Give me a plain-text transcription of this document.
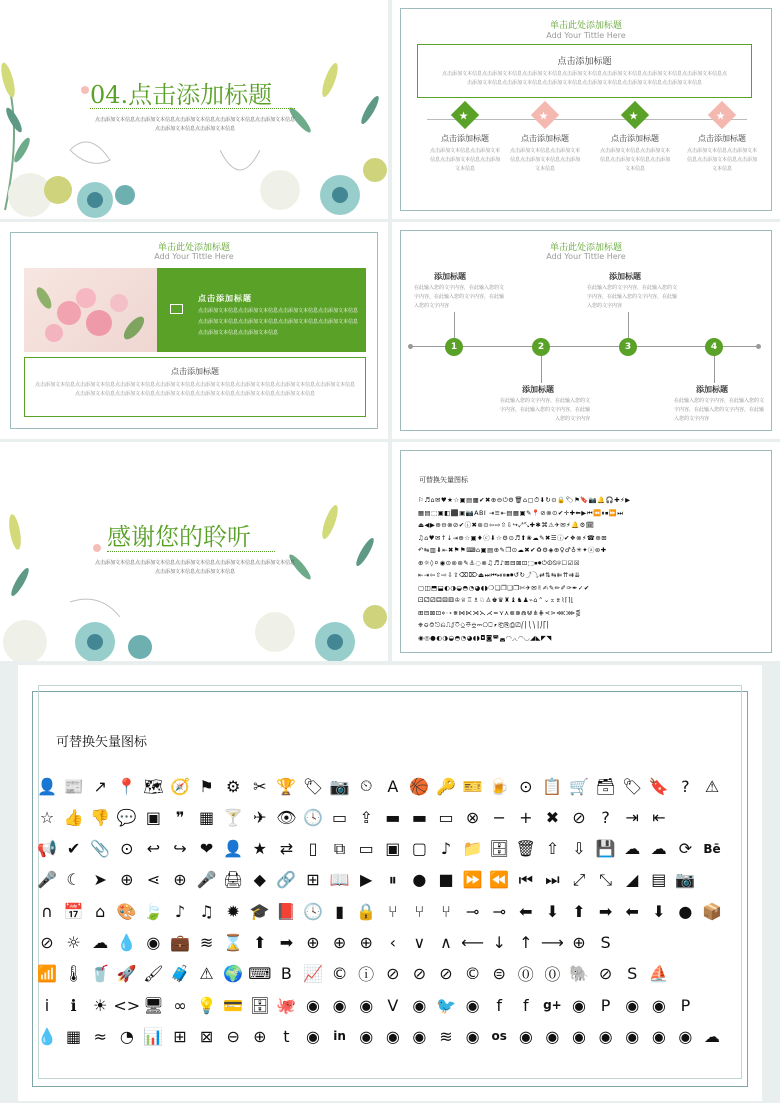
04.点击添加标题
点击添加文本信息点击添加文本信息点击添加文本信息点击添加文本信息点击添加文本信息点击添加文本信息点击添加文本信息
单击此处添加标题
Add Your Tittle Here
点击添加标题
点击添加文本信息点击添加文本信息点击添加文本信息点击添加文本信息点击添加文本信息点击添加文本信息点击添加文本信息点击添加文本信息点击添加文本信息点击添加文本信息点击添加文本信息点击添加文本信息点击添加文本信息
★
点击添加标题
点击添加文本信息点击添加文本信息点击添加文本信息点击添加文本信息
★
点击添加标题
点击添加文本信息点击添加文本信息点击添加文本信息点击添加文本信息
★
点击添加标题
点击添加文本信息点击添加文本信息点击添加文本信息点击添加文本信息
★
点击添加标题
点击添加文本信息点击添加文本信息点击添加文本信息点击添加文本信息
单击此处添加标题
Add Your Tittle Here
点击添加标题
点击添加文本信息点击添加文本信息点击添加文本信息点击添加文本信息点击添加文本信息点击添加文本信息点击添加文本信息点击添加文本信息点击添加文本信息点击添加文本信息
点击添加标题
点击添加文本信息点击添加文本信息点击添加文本信息点击添加文本信息点击添加文本信息点击添加文本信息点击添加文本信息点击添加文本信息点击添加文本信息点击添加文本信息点击添加文本信息点击添加文本信息点击添加文本信息点击添加文本信息
单击此处添加标题
Add Your Tittle Here
1	2	3	4
添加标题
在此输入您的文字内容，在此输入您的文字内容，在此输入您的文字内容，在此输入您的文字内容
添加标题
在此输入您的文字内容，在此输入您的文字内容，在此输入您的文字内容，在此输入您的文字内容
添加标题
在此输入您的文字内容，在此输入您的文字内容，在此输入您的文字内容，在此输入您的文字内容
添加标题
在此输入您的文字内容，在此输入您的文字内容，在此输入您的文字内容，在此输入您的文字内容
感谢您的聆听
点击添加文本信息点击添加文本信息点击添加文本信息点击添加文本信息点击添加文本信息点击添加文本信息点击添加文本信息
可替换矢量图标
⚐♬⌂✉♥★☆▣▤▦✔✖⊕⊖⏻⚙🗑⌂▢⏱⬇↻⊙🔒🏷⚑🔖📷🔔🎧✚⚡▶
▦▤⬚▣◧⬛▣📷ABI ⇥≡⇤▤▦▣✎📍⊘⊗⊙✔✛✚⬅▶⏮⏪⏸⏹⏩⏭
⏏◀▶⊕⊖⊗⊘✔ⓘ✖⊛⊙⇦⇨⇧⇩↪⤢⤡✚✱⌘⚠✈✉⚡🔔⚙🗓
♫⌂♥✉↑↓⇥⊕☆▣♦ⓒ⬇☆⚙⊙♬⬆❀☁✎✖☰ⓘ✔❖⊗⚡☎⊕⊞
↶⇆▥⬇⇤✖⚑⚑⌨⌂▣▤⊕✎❐⊙☁✖✔♻⚙◈⊕♀♂♁✳✦ⓐ⊜✚
⊕☼◊⚪◉⊙⊚⊛✎⚓◌⊗♫♬♪⊞⊟⊠⊡⬚⏹⏺⏻⏼⍉⍟☐☑☒
⇤⇥⇦⇧⇨⇩⇪⌫⌦⏏⏭⏮⏯⏸⏹⏺↺↻⤴⤵⇄⇅⇆⇇⇈⇉⇊
▢◫⬒⬓◐◑◒◓◔◕◖◗❍❏❐❑❒✄✈✉✌✍✎✏✐✑✒✓✔
⚀⚁⚂⚃⚄⚅♔♕♖♗♘♙♚♛♜♝♞♟⌁⌂⌃⌄⌅⌆⌇⌈⌉⌊
⊞⊟⊠⊡⋄⋅⋆⋇⋈⋉⋊⋋⋌⋍⋎⋏⋐⋑⋒⋓⋔⋕⋖⋗⋘⋙⋚
⎈⎉⎊⎋⎌⎍⎎⎏⎐⎑⎒⎓⎔⎕⎖⎗⎘⎙⎚⎛⎜⎝⎞⎟⎠⎡⎢
◉◎●◐◑◒◓◔◕◖◗◘◙◚◛◜◝◞◟◠◡◢◣◤◥
可替换矢量图标
👤 📰 ↗ 📍 🗺 🧭 ⚑ ⚙ ✂ 🏆 🏷 📷 ⏲ A 🏀 🔑 🎫 🍺 ⊙ 📋 🛒 🗃 🏷 🔖 ? ⚠
☆ 👍 👎 💬 ▣ ❞ ▦ 🍸 ✈ 👁 🕓 ▭ ⇪ ▬ ▬ ▭ ⊗ − + ✖ ⊘ ? ⇥ ⇤
📢 ✔ 📎 ⊙ ↩ ↪ ❤ 👤 ★ ⇄ ▯	⧉ ▭ ▣ ▢ ♪ 📁 🗄 🗑 ⇧ ⇩ 💾 ☁ ☁ ⟳ Bē
🎤 ☾ ➤ ⊕ ⋖ ⊕ 🎤 🖨 ◆ 🔗 ⊞ 📖 ▶	⏸ ● ■ ⏩ ⏪ ⏮ ⏭ ⤢ ⤡ ◢ ▤ 📷
∩ 📅 ⌂ 🎨 🍃 ♪ ♫ ✹ 🎓 📕 🕓 ▮ 🔒 ⑂	⑂	⑂ ⊸ ⊸ ⬅ ⬇ ⬆ ➡ ⬅ ⬇ ● 📦
⊘ ☼ ☁ 💧 ◉ 💼 ≋ ⌛ ⬆ ➡ ⊕ ⊕ ⊕	‹	∨ ∧ ⟵ ↓ ↑ ⟶ ⊕ S
📶 🌡 🥤 🚀 🖌 🧳 ⚠ 🌍 ⌨ B 📈 © ⓘ ⊘ ⊘ ⊘ © ⊜ ⓪ ⓪ 🐘 ⊘ S ⛵
i	ℹ	☀ <> 🖥 ∞ 💡 💳 🗄 🐙 ◉ ◉ ◉ V ◉ 🐦 ◉	f	f	g+ ◉ P ◉ ◉ P
💧 ▦ ≈ ◔ 📊 ⊞ ⊠ ⊖ ⊕	t	◉	in ◉ ◉ ◉ ≋ ◉ os ◉ ◉ ◉ ◉ ◉ ◉ ◉ ☁
